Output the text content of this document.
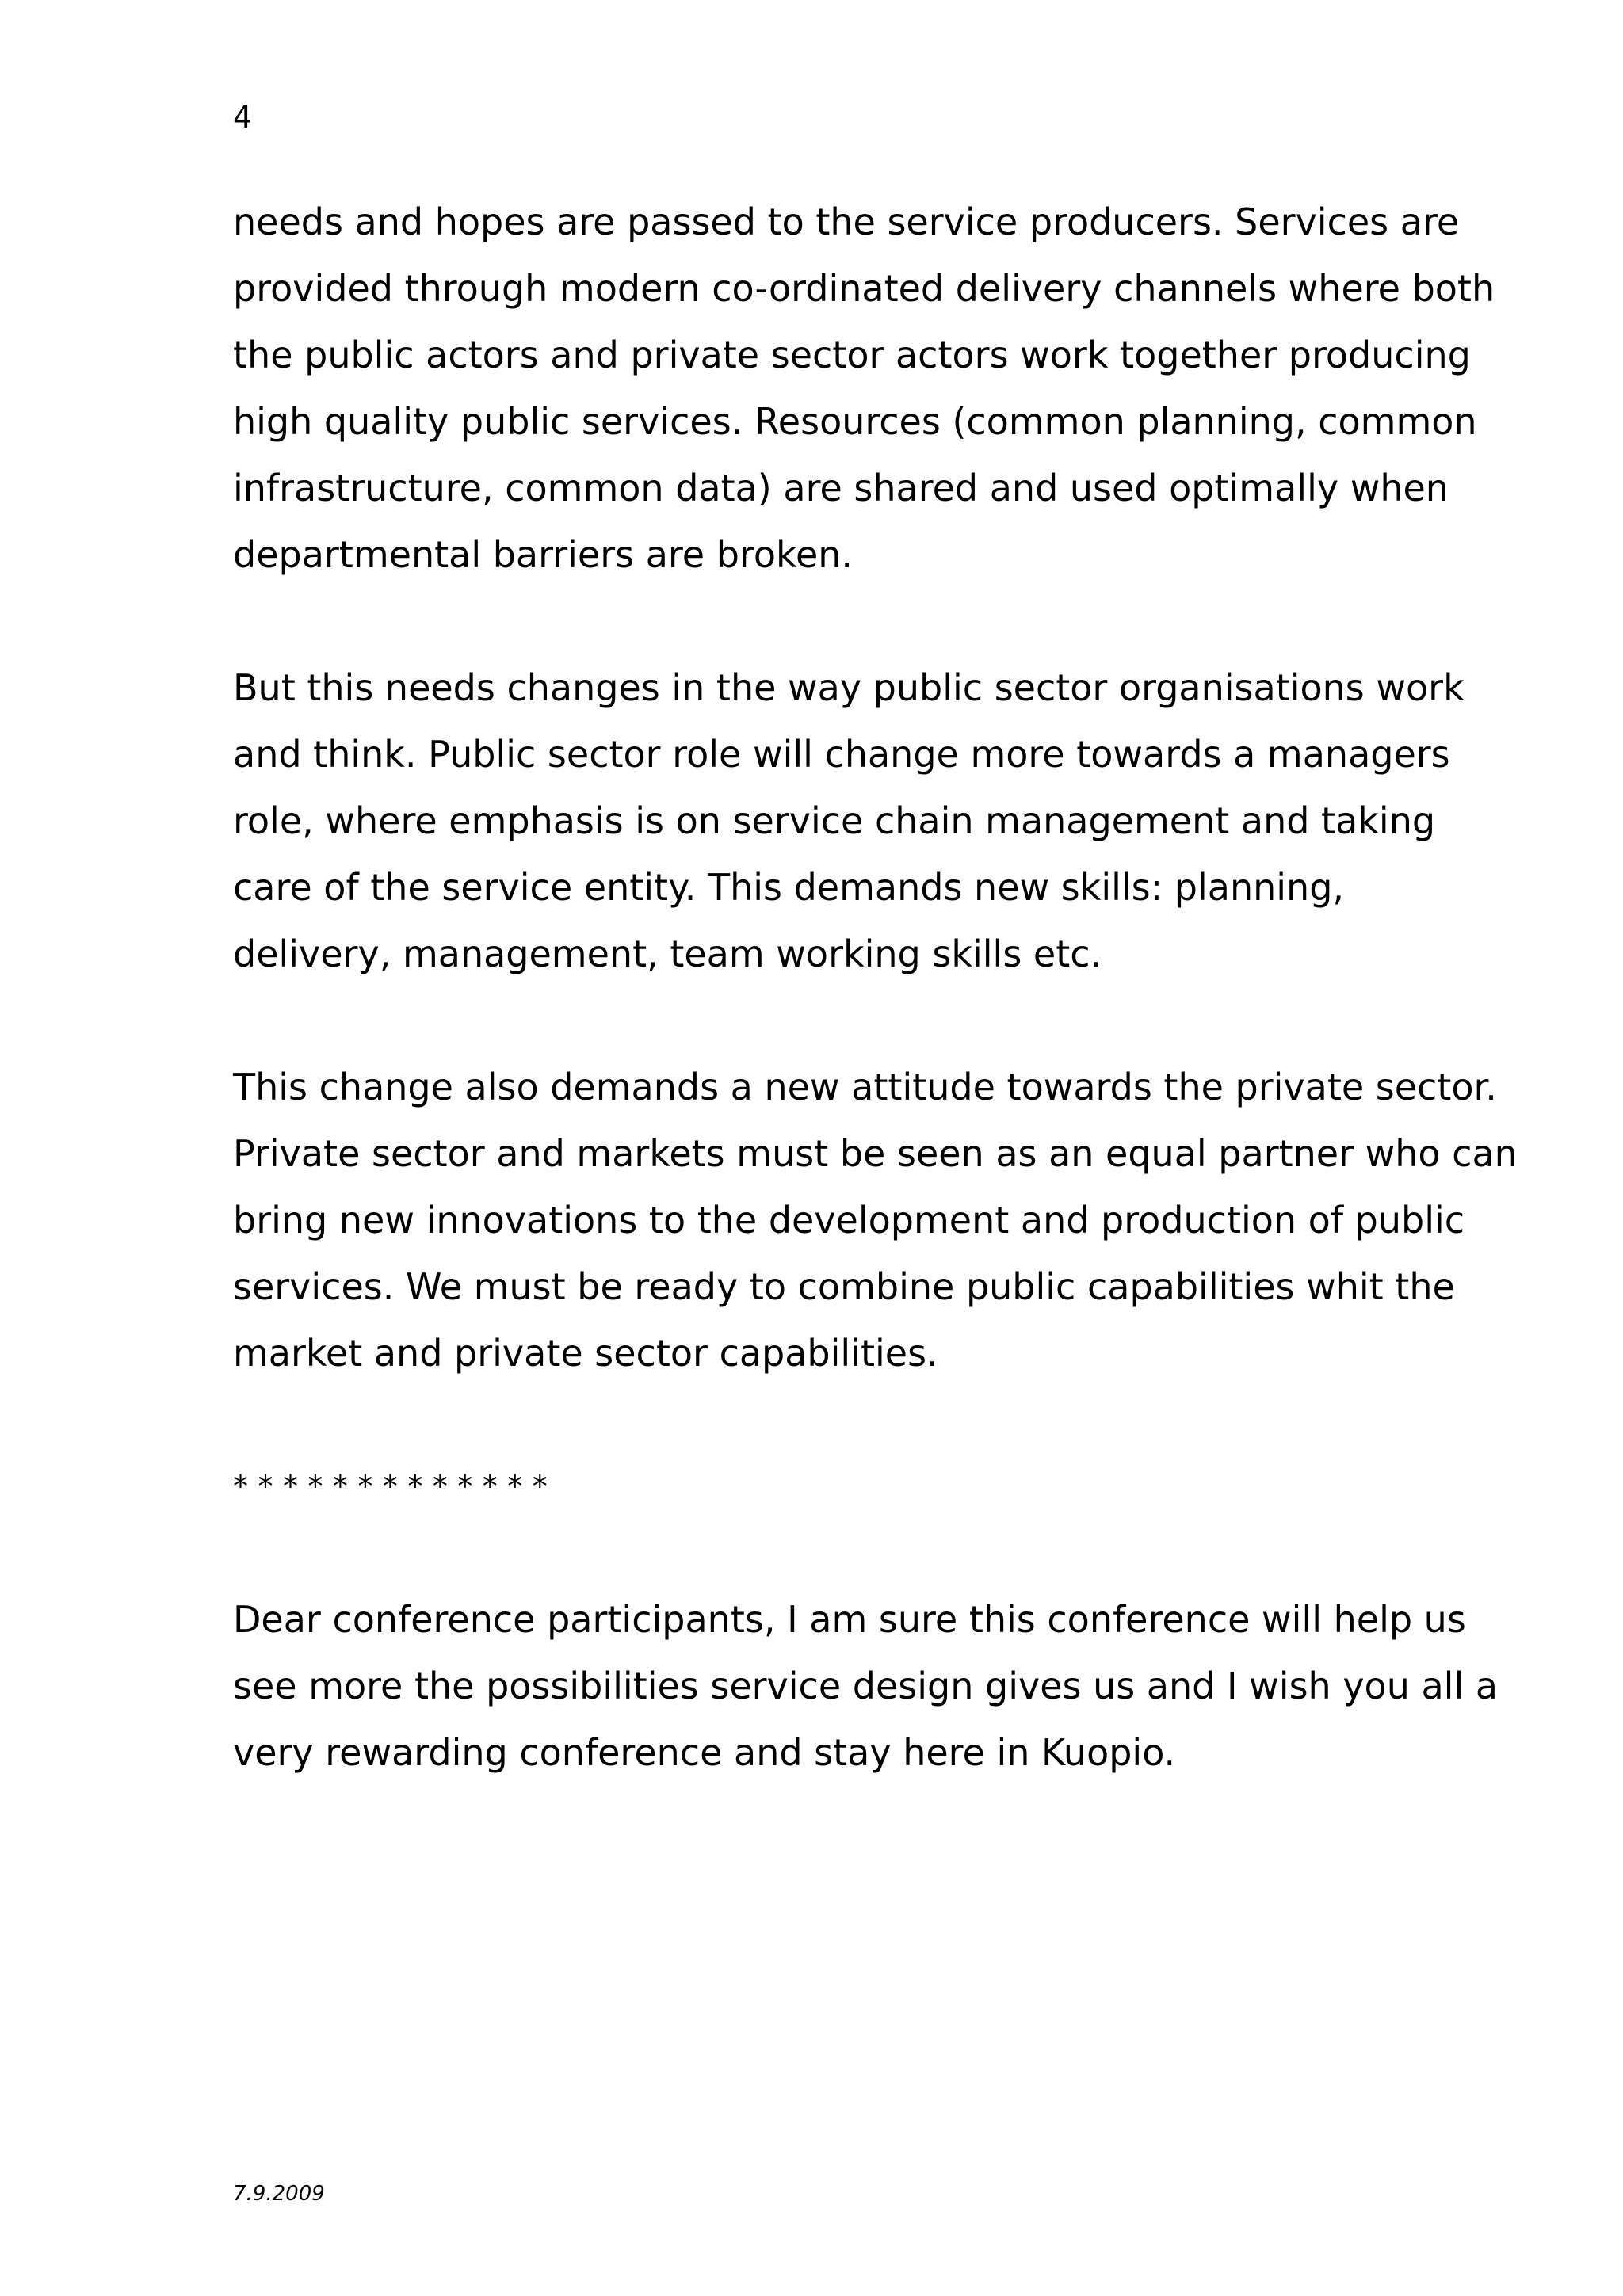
4
needs and hopes are passed to the service producers. Services are
provided through modern co-ordinated delivery channels where both
the public actors and private sector actors work together producing
high quality public services. Resources (common planning, common
infrastructure, common data) are shared and used optimally when
departmental barriers are broken.
But this needs changes in the way public sector organisations work
and think. Public sector role will change more towards a managers
role, where emphasis is on service chain management and taking
care of the service entity. This demands new skills: planning,
delivery, management, team working skills etc.
This change also demands a new attitude towards the private sector.
Private sector and markets must be seen as an equal partner who can
bring new innovations to the development and production of public
services. We must be ready to combine public capabilities whit the
market and private sector capabilities.
* * * * * * * * * * * * *
Dear conference participants, I am sure this conference will help us
see more the possibilities service design gives us and I wish you all a
very rewarding conference and stay here in Kuopio.
7.9.2009
